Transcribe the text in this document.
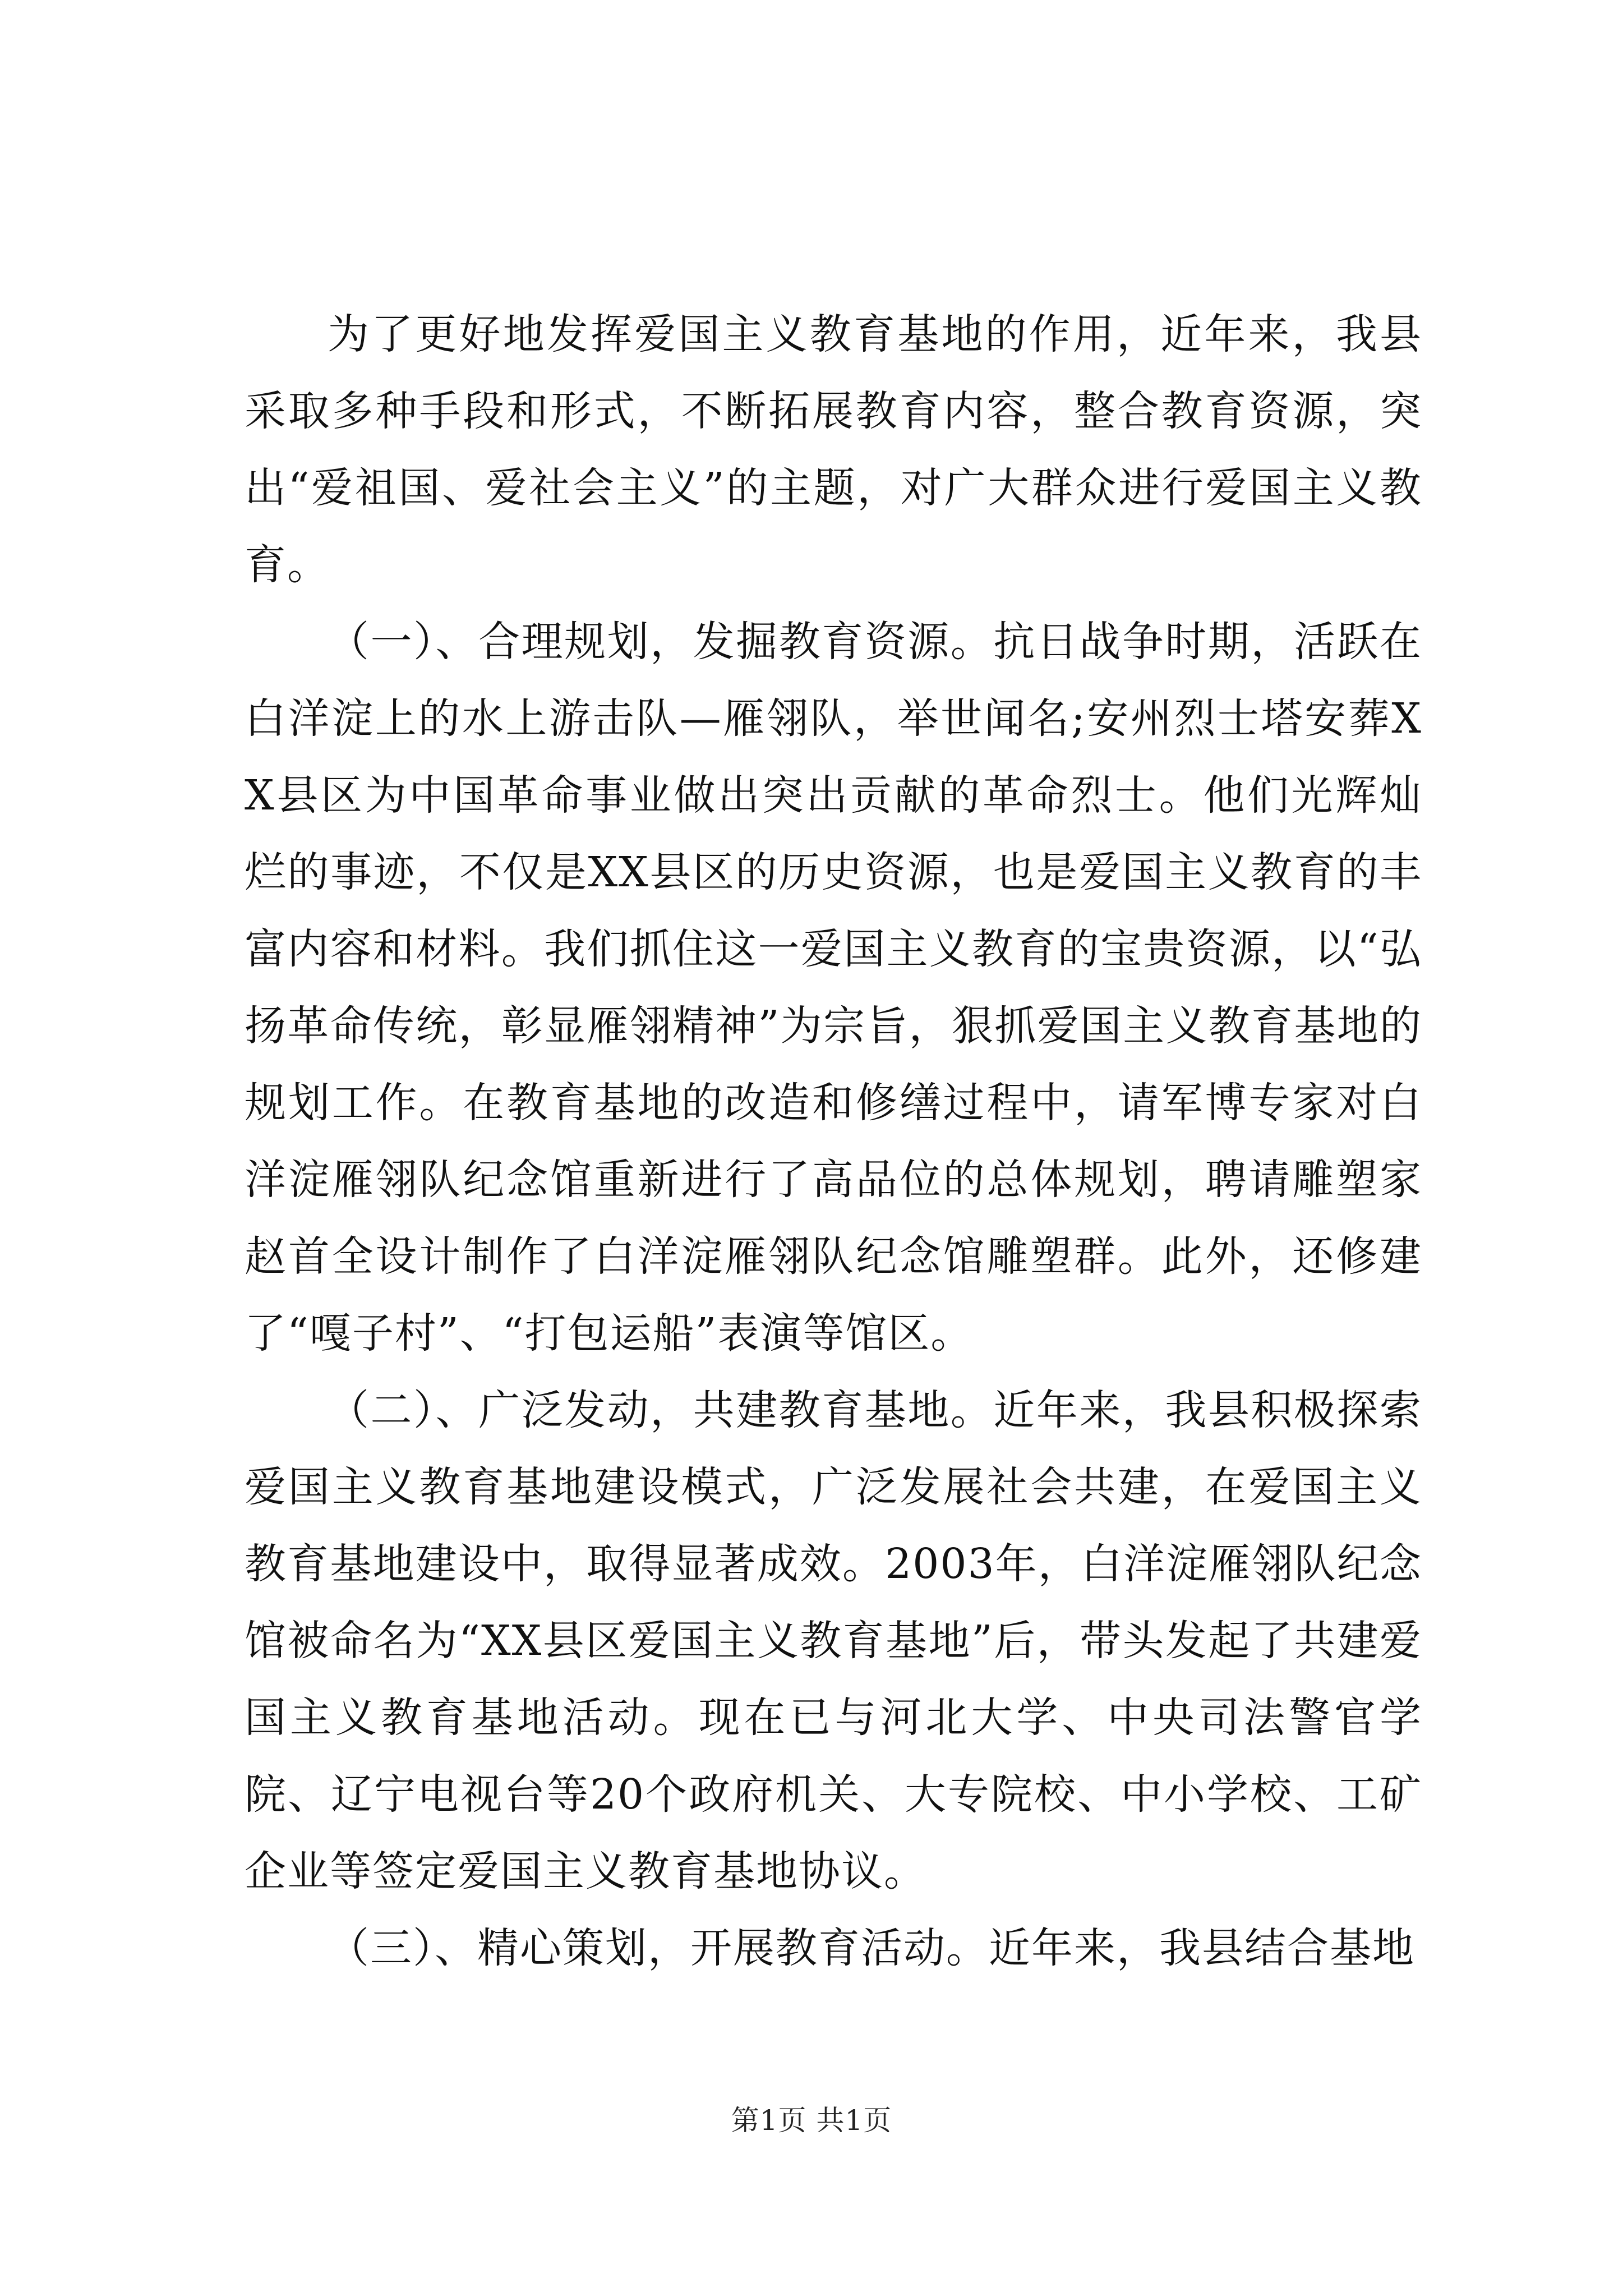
为了更好地发挥爱国主义教育基地的作用，近年来，我县采取多种手段和形式，不断拓展教育内容，整合教育资源，突出“爱祖国、爱社会主义”的主题，对广大群众进行爱国主义教育。

（一）、合理规划，发掘教育资源。抗日战争时期，活跃在白洋淀上的水上游击队—雁翎队，举世闻名;安州烈士塔安葬XX县区为中国革命事业做出突出贡献的革命烈士。他们光辉灿烂的事迹，不仅是XX县区的历史资源，也是爱国主义教育的丰富内容和材料。我们抓住这一爱国主义教育的宝贵资源，以“弘扬革命传统，彰显雁翎精神”为宗旨，狠抓爱国主义教育基地的规划工作。在教育基地的改造和修缮过程中，请军博专家对白洋淀雁翎队纪念馆重新进行了高品位的总体规划，聘请雕塑家赵首全设计制作了白洋淀雁翎队纪念馆雕塑群。此外，还修建了“嘎子村”、“打包运船”表演等馆区。

（二）、广泛发动，共建教育基地。近年来，我县积极探索爱国主义教育基地建设模式，广泛发展社会共建，在爱国主义教育基地建设中，取得显著成效。2003年，白洋淀雁翎队纪念馆被命名为“XX县区爱国主义教育基地”后，带头发起了共建爱国主义教育基地活动。现在已与河北大学、中央司法警官学院、辽宁电视台等20个政府机关、大专院校、中小学校、工矿企业等签定爱国主义教育基地协议。

（三）、精心策划，开展教育活动。近年来，我县结合基地

第1页 共1页
